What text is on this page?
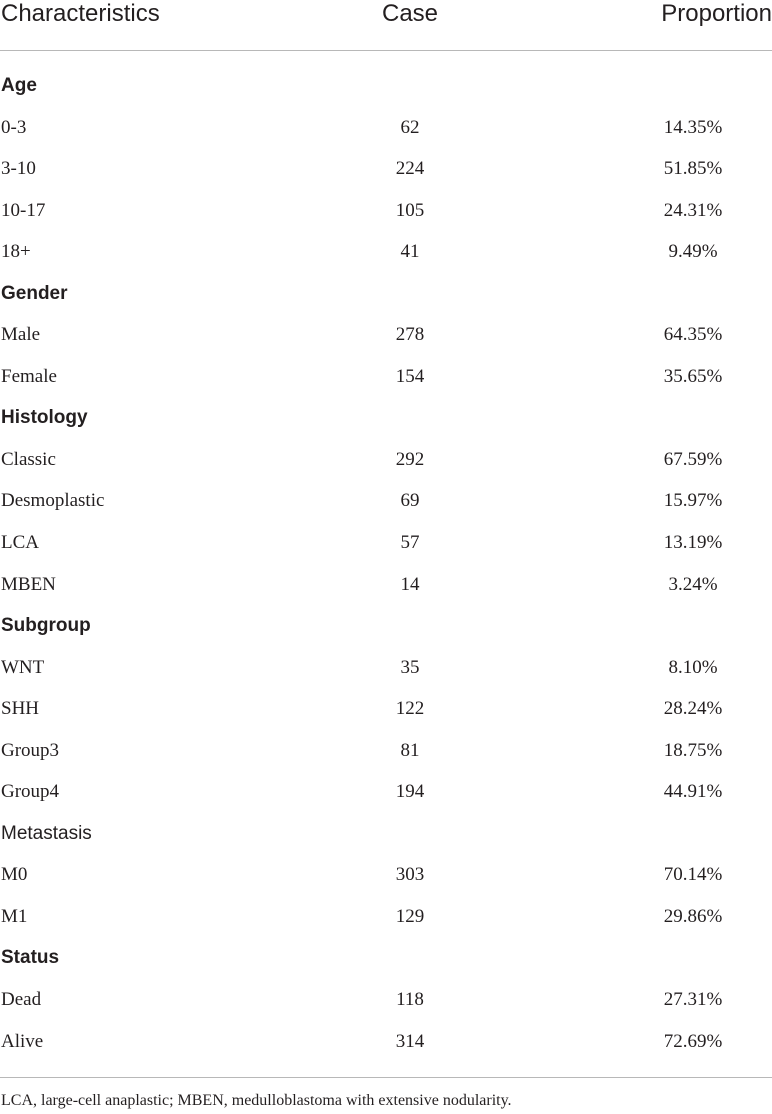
Characteristics	Case	Proportion
Age
0-3	62	14.35%
3-10	224	51.85%
10-17	105	24.31%
18+	41	9.49%
Gender
Male	278	64.35%
Female	154	35.65%
Histology
Classic	292	67.59%
Desmoplastic	69	15.97%
LCA	57	13.19%
MBEN	14	3.24%
Subgroup
WNT	35	8.10%
SHH	122	28.24%
Group3	81	18.75%
Group4	194	44.91%
Metastasis
M0	303	70.14%
M1	129	29.86%
Status
Dead	118	27.31%
Alive	314	72.69%
LCA, large-cell anaplastic; MBEN, medulloblastoma with extensive nodularity.
